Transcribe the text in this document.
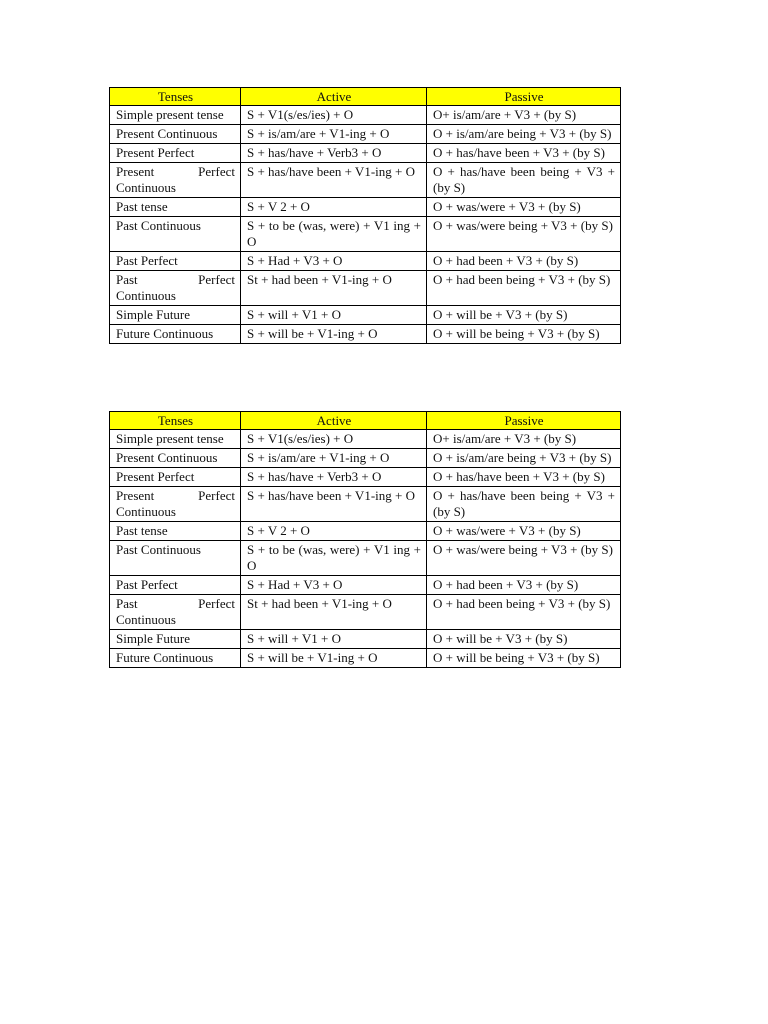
Tenses	Active	Passive
Simple present tense	S + V1(s/es/ies) + O	O+ is/am/are + V3 + (by S)
Present Continuous	S + is/am/are + V1-ing + O	O + is/am/are being + V3 + (by S)
Present Perfect	S + has/have + Verb3 + O	O + has/have been + V3 + (by S)
Present Perfect Continuous	S + has/have been + V1-ing + O	O + has/have been being + V3 + (by S)
Past tense	S + V 2 + O	O + was/were + V3 + (by S)
Past Continuous	S + to be (was, were) + V1 ing + O	O + was/were being + V3 + (by S)
Past Perfect	S + Had + V3 + O	O + had been + V3 + (by S)
Past Perfect Continuous	St + had been + V1-ing + O	O + had been being + V3 + (by S)
Simple Future	S + will + V1 + O	O + will be + V3 + (by S)
Future Continuous	S + will be + V1-ing + O	O + will be being + V3 + (by S)
Tenses	Active	Passive
Simple present tense	S + V1(s/es/ies) + O	O+ is/am/are + V3 + (by S)
Present Continuous	S + is/am/are + V1-ing + O	O + is/am/are being + V3 + (by S)
Present Perfect	S + has/have + Verb3 + O	O + has/have been + V3 + (by S)
Present Perfect Continuous	S + has/have been + V1-ing + O	O + has/have been being + V3 + (by S)
Past tense	S + V 2 + O	O + was/were + V3 + (by S)
Past Continuous	S + to be (was, were) + V1 ing + O	O + was/were being + V3 + (by S)
Past Perfect	S + Had + V3 + O	O + had been + V3 + (by S)
Past Perfect Continuous	St + had been + V1-ing + O	O + had been being + V3 + (by S)
Simple Future	S + will + V1 + O	O + will be + V3 + (by S)
Future Continuous	S + will be + V1-ing + O	O + will be being + V3 + (by S)
